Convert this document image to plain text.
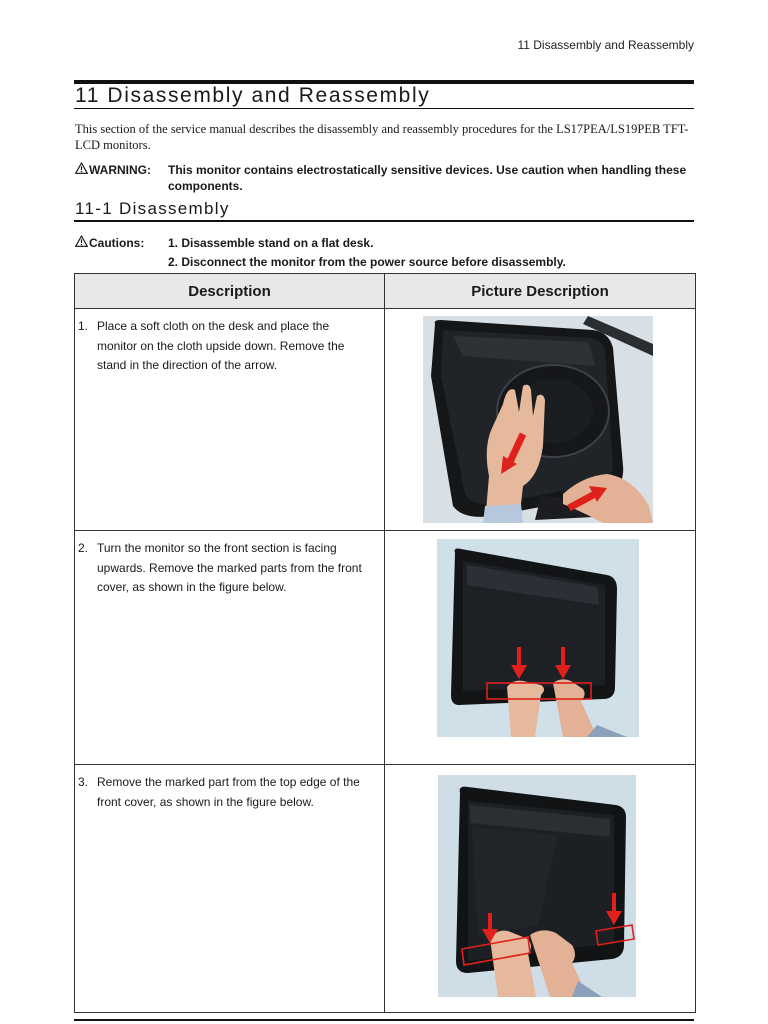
11 Disassembly and Reassembly
11 Disassembly and Reassembly

This section of the service manual describes the disassembly and reassembly procedures for the LS17PEA/LS19PEB TFT-LCD monitors.

WARNING: This monitor contains electrostatically sensitive devices. Use caution when handling these components.
11-1 Disassembly
Cautions: 1. Disassemble stand on a flat desk.
2. Disconnect the monitor from the power source before disassembly.
Description	Picture Description

1. Place a soft cloth on the desk and place the monitor on the cloth upside down. Remove the stand in the direction of the arrow.

2. Turn the monitor so the front section is facing upwards. Remove the marked parts from the front cover, as shown in the figure below.

3. Remove the marked part from the top edge of the front cover, as shown in the figure below.
